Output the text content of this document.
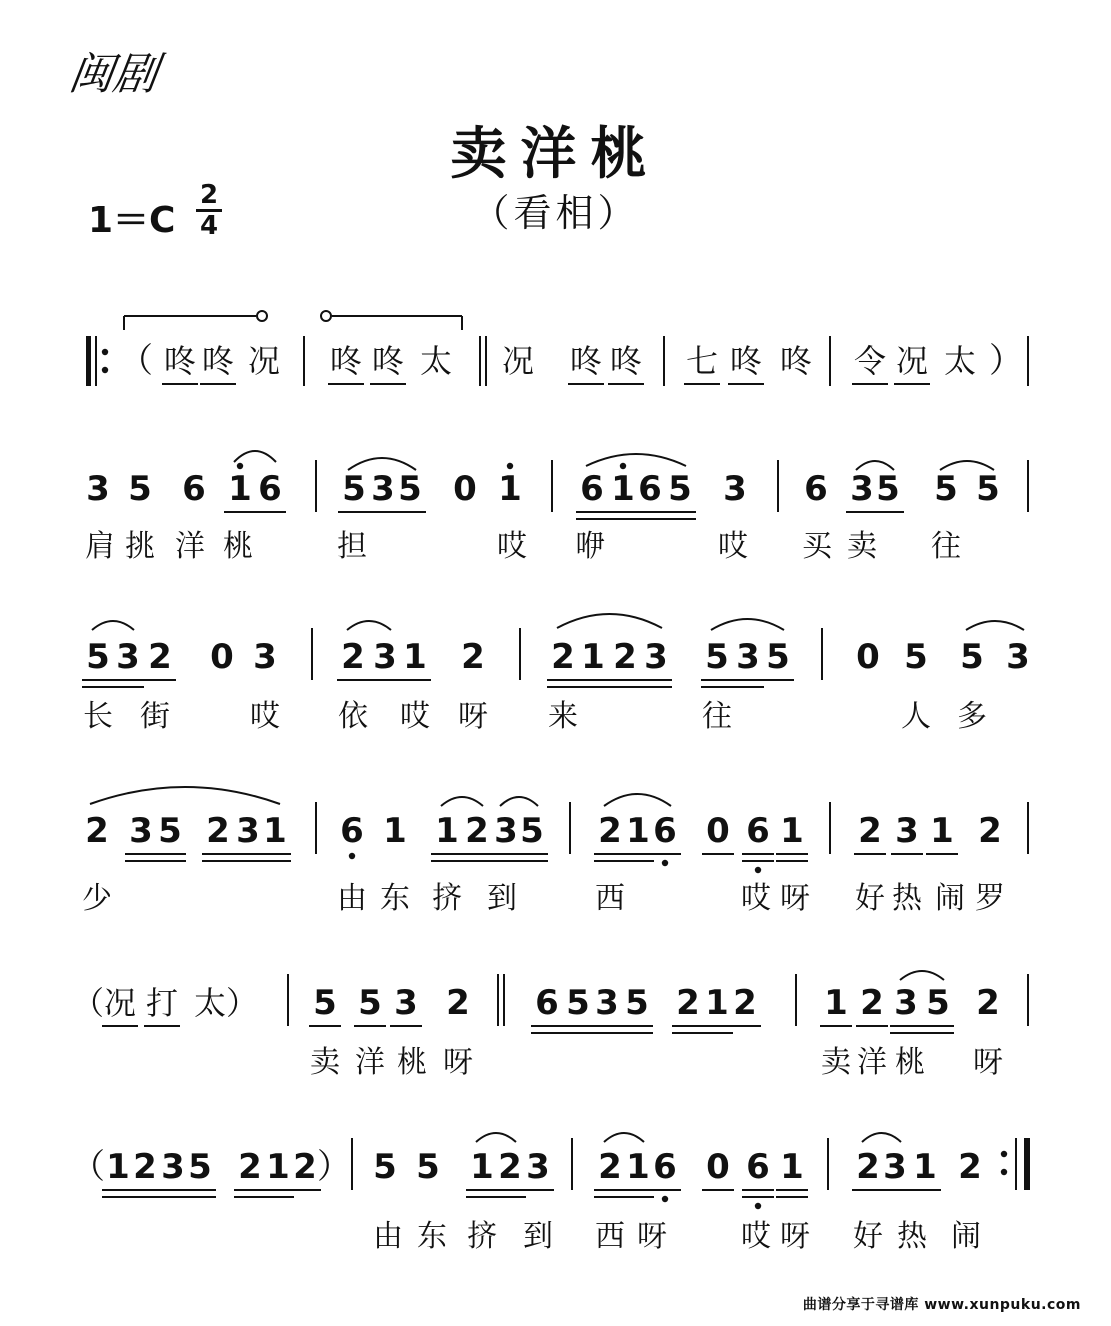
闽剧
卖洋桃
（看相）
1＝C
2
4
（ 咚 咚 况 咚 咚 太 况 咚 咚 七 咚 咚 令 况 太 ）
3 5 6 1 6 5 3 5 0 1 6 1 6 5 3 6 3 5 5 5
肩 挑 洋 桃	担	哎 咿	哎 买 卖 往
5 3 2 0 3 2 3 1 2 2 1 2 3 5 3 5 0 5 5 3
长 街	哎 依 哎 呀 来	往	人 多
2 3 5 2 3 1 6 1 1 2 3 5 2 1 6 0 6 1 2 3 1 2
少	由 东 挤 到	西	哎 呀 好 热 闹 罗
5 5 3 2 6 5 3 5 2 1 2 1 2 3 5 2
（ 况 打 太 ）
卖 洋 桃 呀	卖 洋 桃 呀
（ 1 2 3 5 2 1 2 ） 5 5 1 2 3 2 1 6 0 6 1 2 3 1 2
由 东 挤 到 西 呀 哎 呀 好 热 闹
曲谱分享于寻谱库 www.xunpuku.com
